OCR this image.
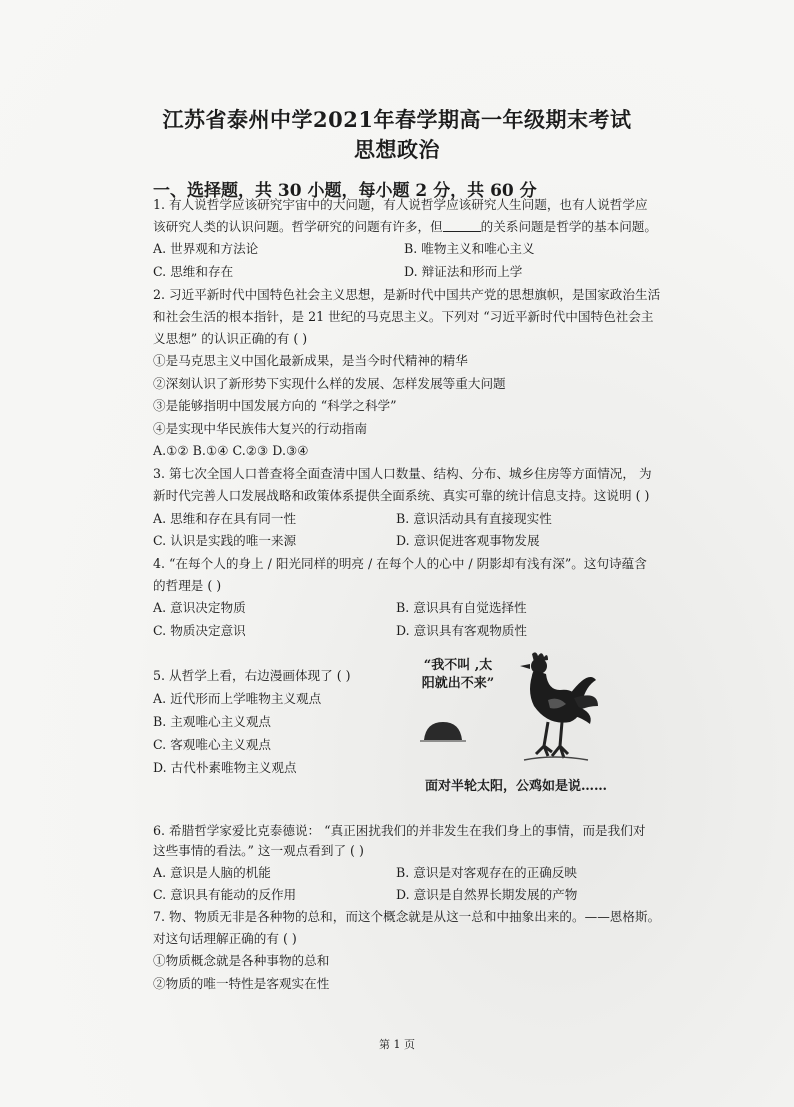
江苏省泰州中学2021年春学期高一年级期末考试
思想政治
一、选择题，共 30 小题，每小题 2 分，共 60 分
1. 有人说哲学应该研究宇宙中的大问题，有人说哲学应该研究人生问题，也有人说哲学应
该研究人类的认识问题。哲学研究的问题有许多，但	的关系问题是哲学的基本问题。
A. 世界观和方法论	B. 唯物主义和唯心主义
C. 思维和存在	D. 辩证法和形而上学
2. 习近平新时代中国特色社会主义思想，是新时代中国共产党的思想旗帜，是国家政治生活
和社会生活的根本指针，是 21 世纪的马克思主义。下列对 “习近平新时代中国特色社会主
义思想” 的认识正确的有 ( )
①是马克思主义中国化最新成果，是当今时代精神的精华
②深刻认识了新形势下实现什么样的发展、怎样发展等重大问题
③是能够指明中国发展方向的 “科学之科学”
④是实现中华民族伟大复兴的行动指南
A.①② B.①④ C.②③ D.③④
3. 第七次全国人口普查将全面查清中国人口数量、结构、分布、城乡住房等方面情况， 为
新时代完善人口发展战略和政策体系提供全面系统、真实可靠的统计信息支持。这说明 ( )
A. 思维和存在具有同一性	B. 意识活动具有直接现实性
C. 认识是实践的唯一来源	D. 意识促进客观事物发展
4. “在每个人的身上 / 阳光同样的明亮 / 在每个人的心中 / 阴影却有浅有深”。这句诗蕴含
的哲理是 ( )
A. 意识决定物质	B. 意识具有自觉选择性
C. 物质决定意识	D. 意识具有客观物质性
5. 从哲学上看，右边漫画体现了 ( )
A. 近代形而上学唯物主义观点
B. 主观唯心主义观点
C. 客观唯心主义观点
D. 古代朴素唯物主义观点
“我不叫 ,太
阳就出不来”
面对半轮太阳，公鸡如是说……
6. 希腊哲学家爱比克泰德说： “真正困扰我们的并非发生在我们身上的事情，而是我们对
这些事情的看法。” 这一观点看到了 ( )
A. 意识是人脑的机能	B. 意识是对客观存在的正确反映
C. 意识具有能动的反作用	D. 意识是自然界长期发展的产物
7. 物、物质无非是各种物的总和，而这个概念就是从这一总和中抽象出来的。——恩格斯。
对这句话理解正确的有 ( )
①物质概念就是各种事物的总和
②物质的唯一特性是客观实在性
第 1 页
